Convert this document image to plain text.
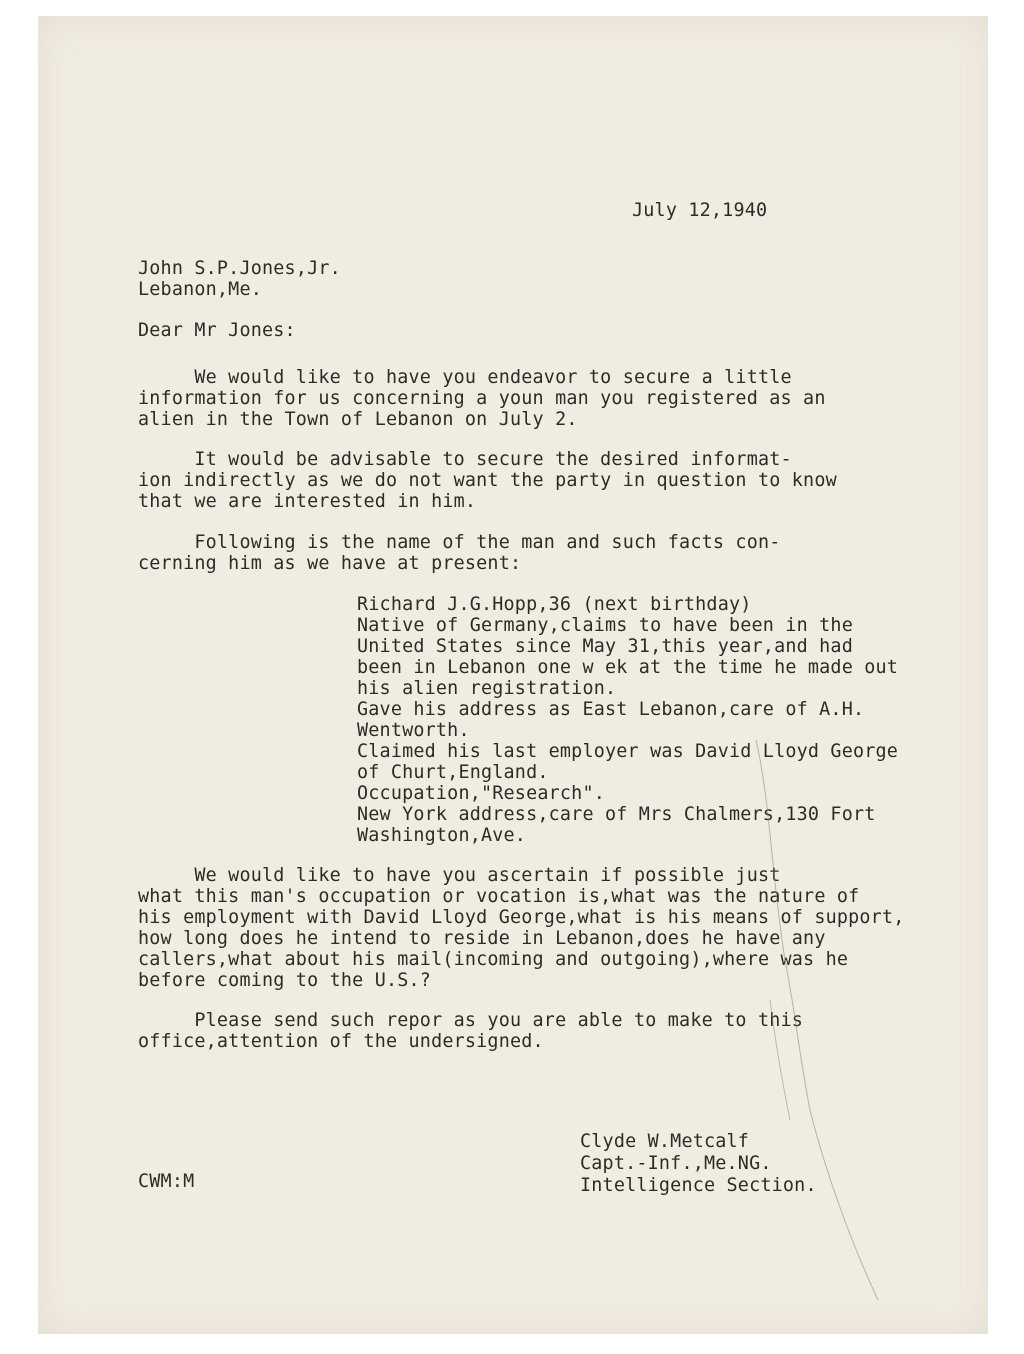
July 12,1940
John S.P.Jones,Jr.
Lebanon,Me.
Dear Mr Jones:
We would like to have you endeavor to secure a little
information for us concerning a youn man you registered as an
alien in the Town of Lebanon on July 2.
It would be advisable to secure the desired informat-
ion indirectly as we do not want the party in question to know
that we are interested in him.
Following is the name of the man and such facts con-
cerning him as we have at present:
Richard J.G.Hopp,36 (next birthday)
Native of Germany,claims to have been in the
United States since May 31,this year,and had
been in Lebanon one w ek at the time he made out
his alien registration.
Gave his address as East Lebanon,care of A.H.
Wentworth.
Claimed his last employer was David Lloyd George
of Churt,England.
Occupation,"Research".
New York address,care of Mrs Chalmers,130 Fort
Washington,Ave.
We would like to have you ascertain if possible just
what this man's occupation or vocation is,what was the nature of
his employment with David Lloyd George,what is his means of support,
how long does he intend to reside in Lebanon,does he have any
callers,what about his mail(incoming and outgoing),where was he
before coming to the U.S.?
Please send such repor as you are able to make to this
office,attention of the undersigned.
Clyde W.Metcalf
Capt.-Inf.,Me.NG.
Intelligence Section.
CWM:M
